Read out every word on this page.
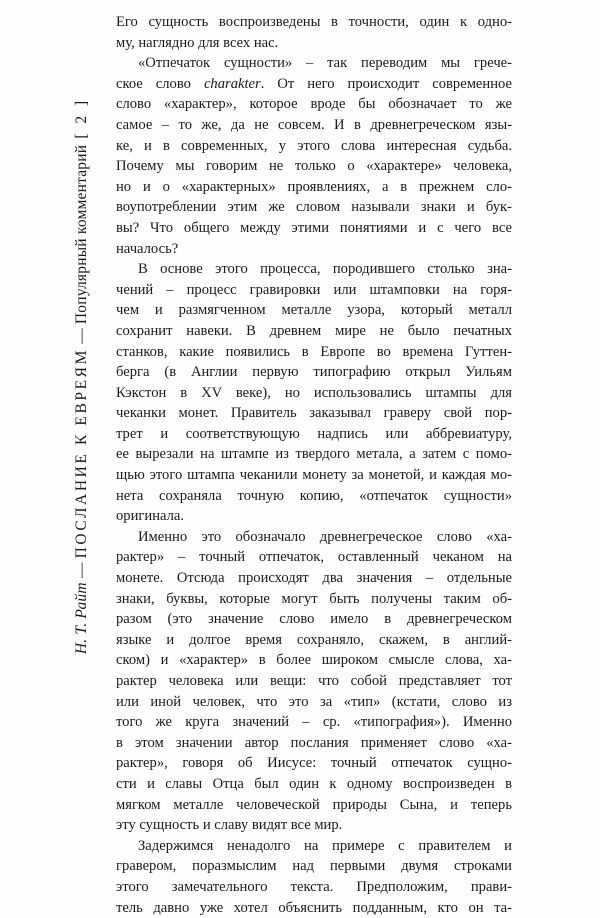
Н. Т. Райт — ПОСЛАНИЕ К ЕВРЕЯМ — Популярный комментарий [ 2 ]
Его сущность воспроизведены в точности, один к одно-
му, наглядно для всех нас.
«Отпечаток сущности» – так переводим мы грече-
ское слово charakter. От него происходит современное
слово «характер», которое вроде бы обозначает то же
самое – то же, да не совсем. И в древнегреческом язы-
ке, и в современных, у этого слова интересная судьба.
Почему мы говорим не только о «характере» человека,
но и о «характерных» проявлениях, а в прежнем сло-
воупотреблении этим же словом называли знаки и бук-
вы? Что общего между этими понятиями и с чего все
началось?
В основе этого процесса, породившего столько зна-
чений – процесс гравировки или штамповки на горя-
чем и размягченном металле узора, который металл
сохранит навеки. В древнем мире не было печатных
станков, какие появились в Европе во времена Гуттен-
берга (в Англии первую типографию открыл Уильям
Кэкстон в XV веке), но использовались штампы для
чеканки монет. Правитель заказывал граверу свой пор-
трет и соответствующую надпись или аббревиатуру,
ее вырезали на штампе из твердого метала, а затем с помо-
щью этого штампа чеканили монету за монетой, и каждая мо-
нета сохраняла точную копию, «отпечаток сущности»
оригинала.
Именно это обозначало древнегреческое слово «ха-
рактер» – точный отпечаток, оставленный чеканом на
монете. Отсюда происходят два значения – отдельные
знаки, буквы, которые могут быть получены таким об-
разом (это значение слово имело в древнегреческом
языке и долгое время сохраняло, скажем, в англий-
ском) и «характер» в более широком смысле слова, ха-
рактер человека или вещи: что собой представляет тот
или иной человек, что это за «тип» (кстати, слово из
того же круга значений – ср. «типография»). Именно
в этом значении автор послания применяет слово «ха-
рактер», говоря об Иисусе: точный отпечаток сущно-
сти и славы Отца был один к одному воспроизведен в
мягком металле человеческой природы Сына, и теперь
эту сущность и славу видят все мир.
Задержимся ненадолго на примере с правителем и
гравером, поразмыслим над первыми двумя строками
этого замечательного текста. Предположим, прави-
тель давно уже хотел объяснить подданным, кто он та-
